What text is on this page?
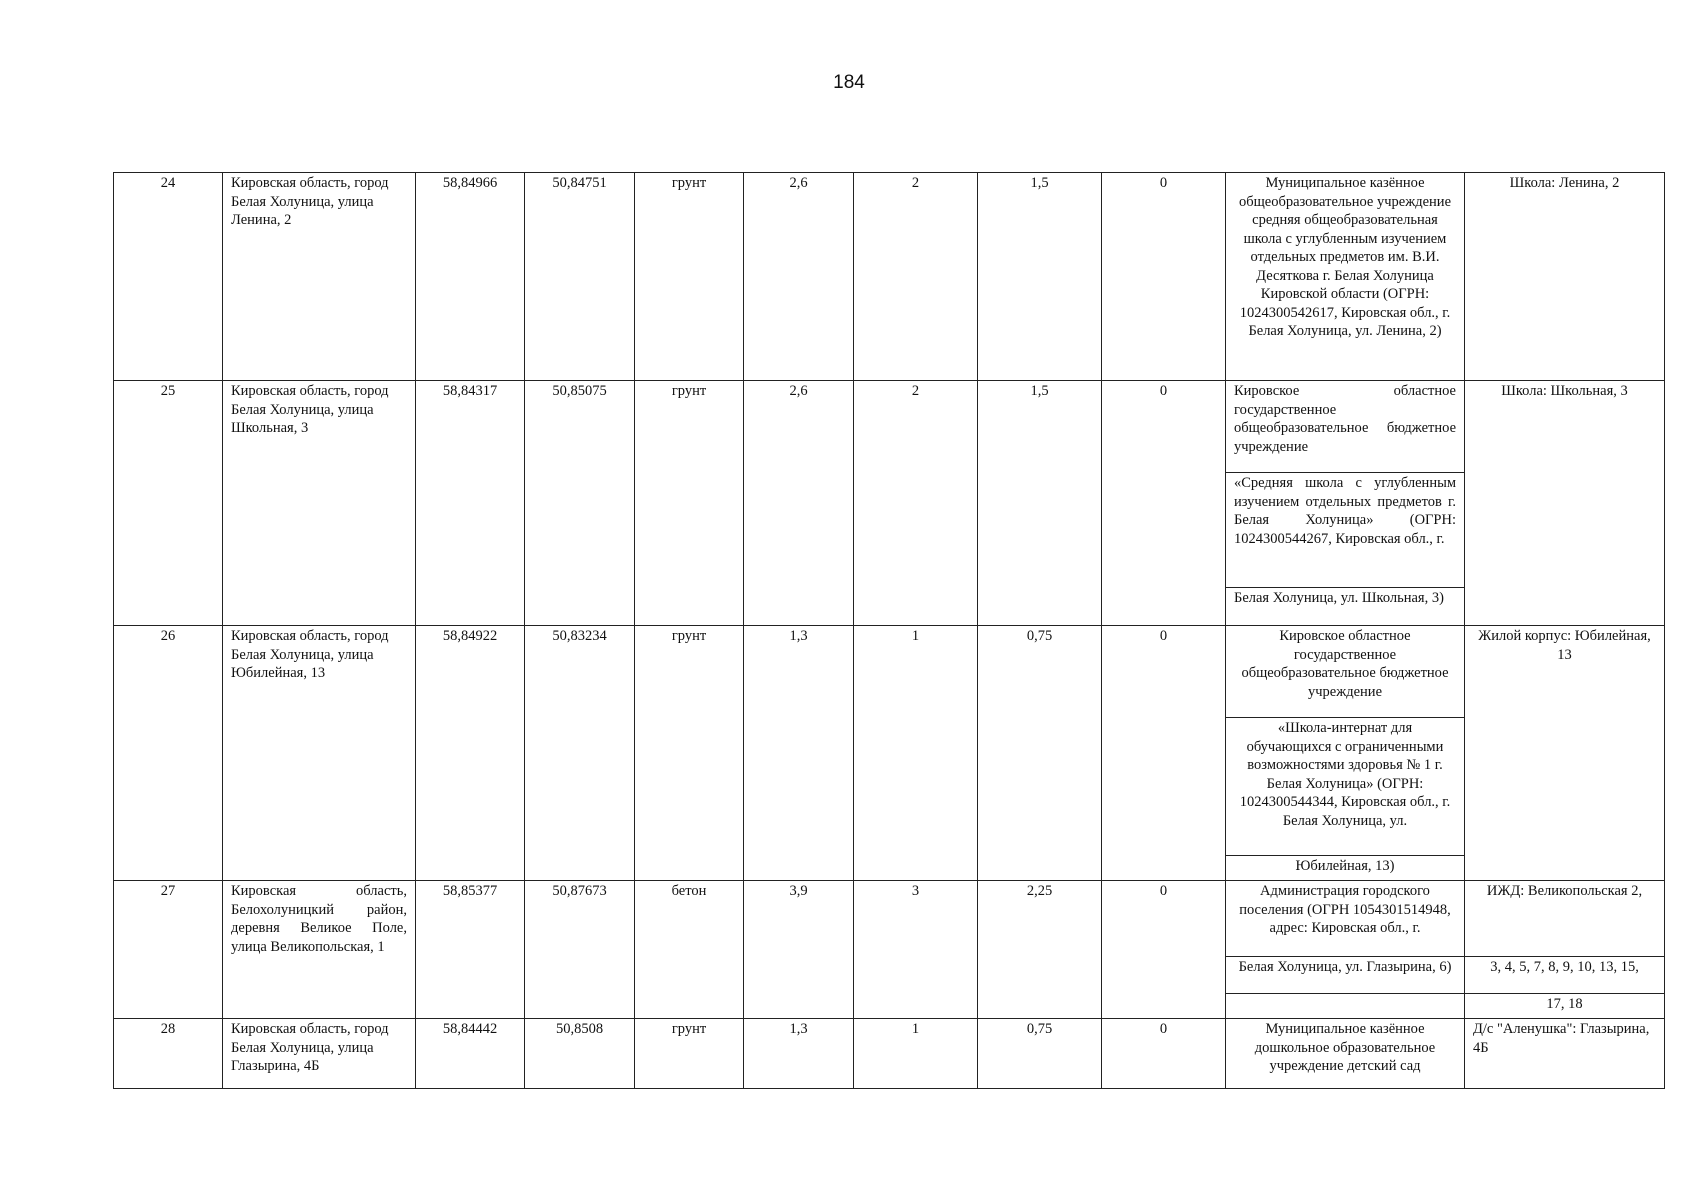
184
24	Кировская область, город Белая Холуница, улица Ленина, 2	58,84966	50,84751	грунт	2,6	2	1,5	0	Муниципальное казённое общеобразовательное учреждение средняя общеобразовательная школа с углубленным изучением отдельных предметов им. В.И. Десяткова г. Белая Холуница Кировской области (ОГРН: 1024300542617, Кировская обл., г. Белая Холуница, ул. Ленина, 2)	Школа: Ленина, 2
25	Кировская область, город Белая Холуница, улица Школьная, 3	58,84317	50,85075	грунт	2,6	2	1,5	0	Кировское областное государственное общеобразовательное бюджетное учреждение	Школа: Школьная, 3
									«Средняя школа с углубленным изучением отдельных предметов г. Белая Холуница» (ОГРН: 1024300544267, Кировская обл., г.	
									Белая Холуница, ул. Школьная, 3)	
26	Кировская область, город Белая Холуница, улица Юбилейная, 13	58,84922	50,83234	грунт	1,3	1	0,75	0	Кировское областное государственное общеобразовательное бюджетное учреждение	Жилой корпус: Юбилейная, 13
									«Школа-интернат для обучающихся с ограниченными возможностями здоровья № 1 г. Белая Холуница» (ОГРН: 1024300544344, Кировская обл., г. Белая Холуница, ул.	
									Юбилейная, 13)	
27	Кировская область, Белохолуницкий район, деревня Великое Поле, улица Великопольская, 1	58,85377	50,87673	бетон	3,9	3	2,25	0	Администрация городского поселения (ОГРН 1054301514948, адрес: Кировская обл., г.	ИЖД: Великопольская 2,
									Белая Холуница, ул. Глазырина, 6)	3, 4, 5, 7, 8, 9, 10, 13, 15,
										17, 18
28	Кировская область, город Белая Холуница, улица Глазырина, 4Б	58,84442	50,8508	грунт	1,3	1	0,75	0	Муниципальное казённое дошкольное образовательное учреждение детский сад	Д/с "Аленушка": Глазырина, 4Б
